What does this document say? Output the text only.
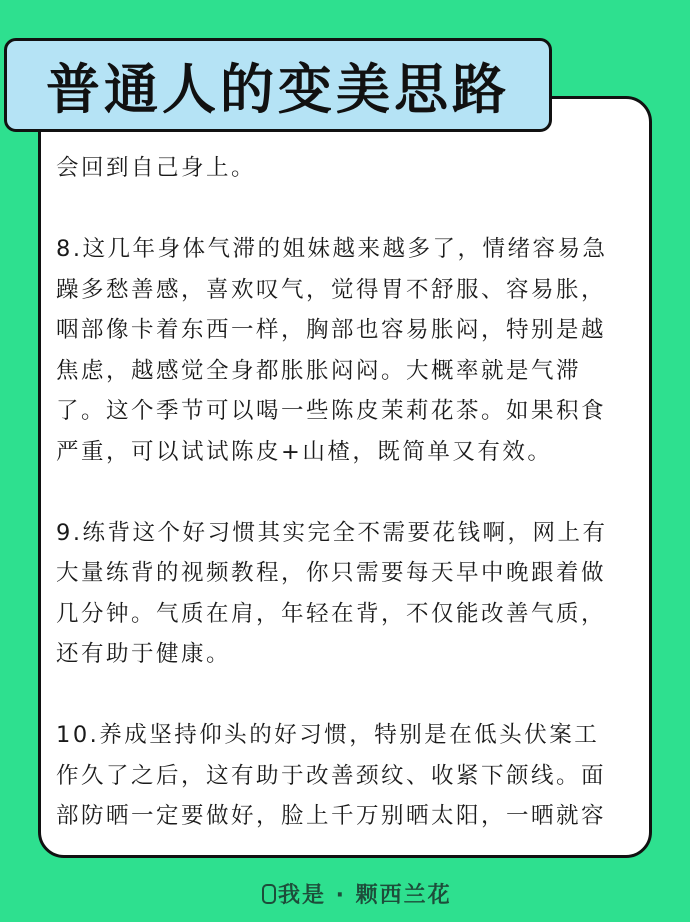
普通人的变美思路
会回到自己身上。
8.这几年身体气滞的姐妹越来越多了，情绪容易急
躁多愁善感，喜欢叹气，觉得胃不舒服、容易胀，
咽部像卡着东西一样，胸部也容易胀闷，特别是越
焦虑，越感觉全身都胀胀闷闷。大概率就是气滞
了。这个季节可以喝一些陈皮茉莉花茶。如果积食
严重，可以试试陈皮+山楂，既简单又有效。
9.练背这个好习惯其实完全不需要花钱啊，网上有
大量练背的视频教程，你只需要每天早中晚跟着做
几分钟。气质在肩，年轻在背，不仅能改善气质，
还有助于健康。
10.养成坚持仰头的好习惯，特别是在低头伏案工
作久了之后，这有助于改善颈纹、收紧下颌线。面
部防晒一定要做好，脸上千万别晒太阳，一晒就容
我是 · 颗西兰花
